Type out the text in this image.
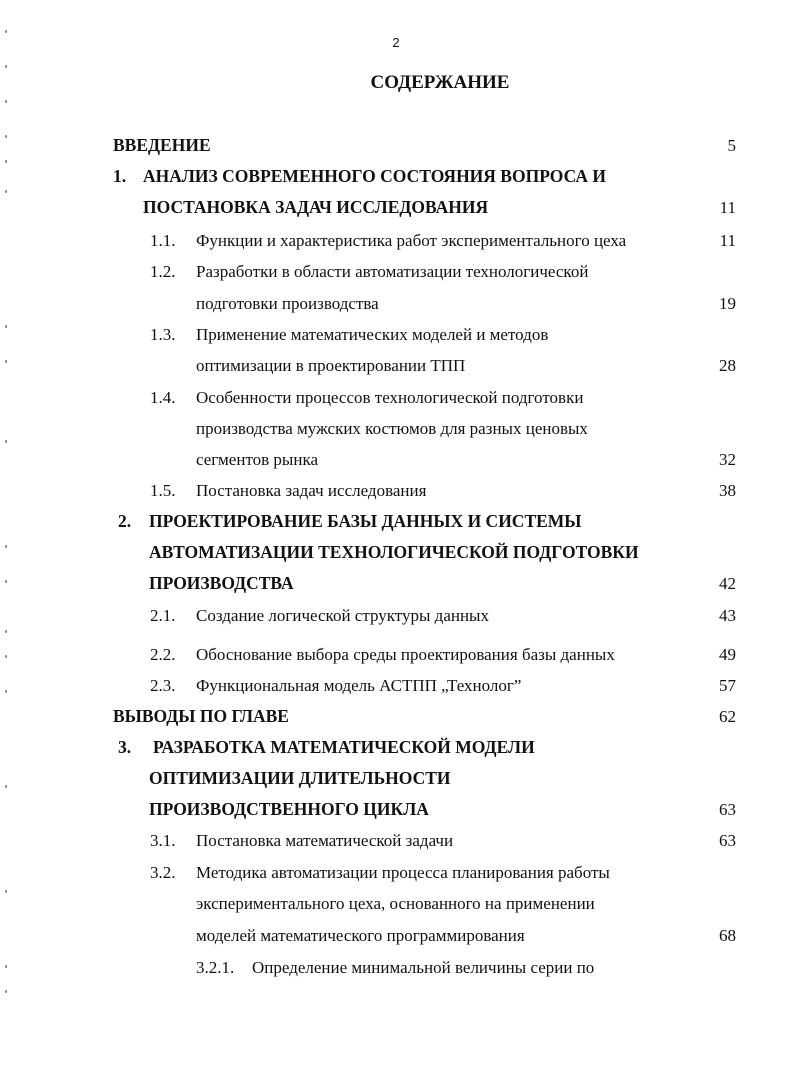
2
СОДЕРЖАНИЕ
ВВЕДЕНИЕ	5
1. АНАЛИЗ СОВРЕМЕННОГО СОСТОЯНИЯ ВОПРОСА И
ПОСТАНОВКА ЗАДАЧ ИССЛЕДОВАНИЯ	11
1.1. Функции и характеристика работ экспериментального цеха	11
1.2. Разработки в области автоматизации технологической
подготовки производства	19
1.3. Применение математических моделей и методов
оптимизации в проектировании ТПП	28
1.4. Особенности процессов технологической подготовки
производства мужских костюмов для разных ценовых
сегментов рынка	32
1.5. Постановка задач исследования	38
2. ПРОЕКТИРОВАНИЕ БАЗЫ ДАННЫХ И СИСТЕМЫ
АВТОМАТИЗАЦИИ ТЕХНОЛОГИЧЕСКОЙ ПОДГОТОВКИ
ПРОИЗВОДСТВА	42
2.1. Создание логической структуры данных	43
2.2. Обоснование выбора среды проектирования базы данных	49
2.3. Функциональная модель АСТПП „Технолог”	57
ВЫВОДЫ ПО ГЛАВЕ	62
3. РАЗРАБОТКА МАТЕМАТИЧЕСКОЙ МОДЕЛИ
ОПТИМИЗАЦИИ ДЛИТЕЛЬНОСТИ
ПРОИЗВОДСТВЕННОГО ЦИКЛА	63
3.1. Постановка математической задачи	63
3.2. Методика автоматизации процесса планирования работы
экспериментального цеха, основанного на применении
моделей математического программирования	68
3.2.1. Определение минимальной величины серии по
